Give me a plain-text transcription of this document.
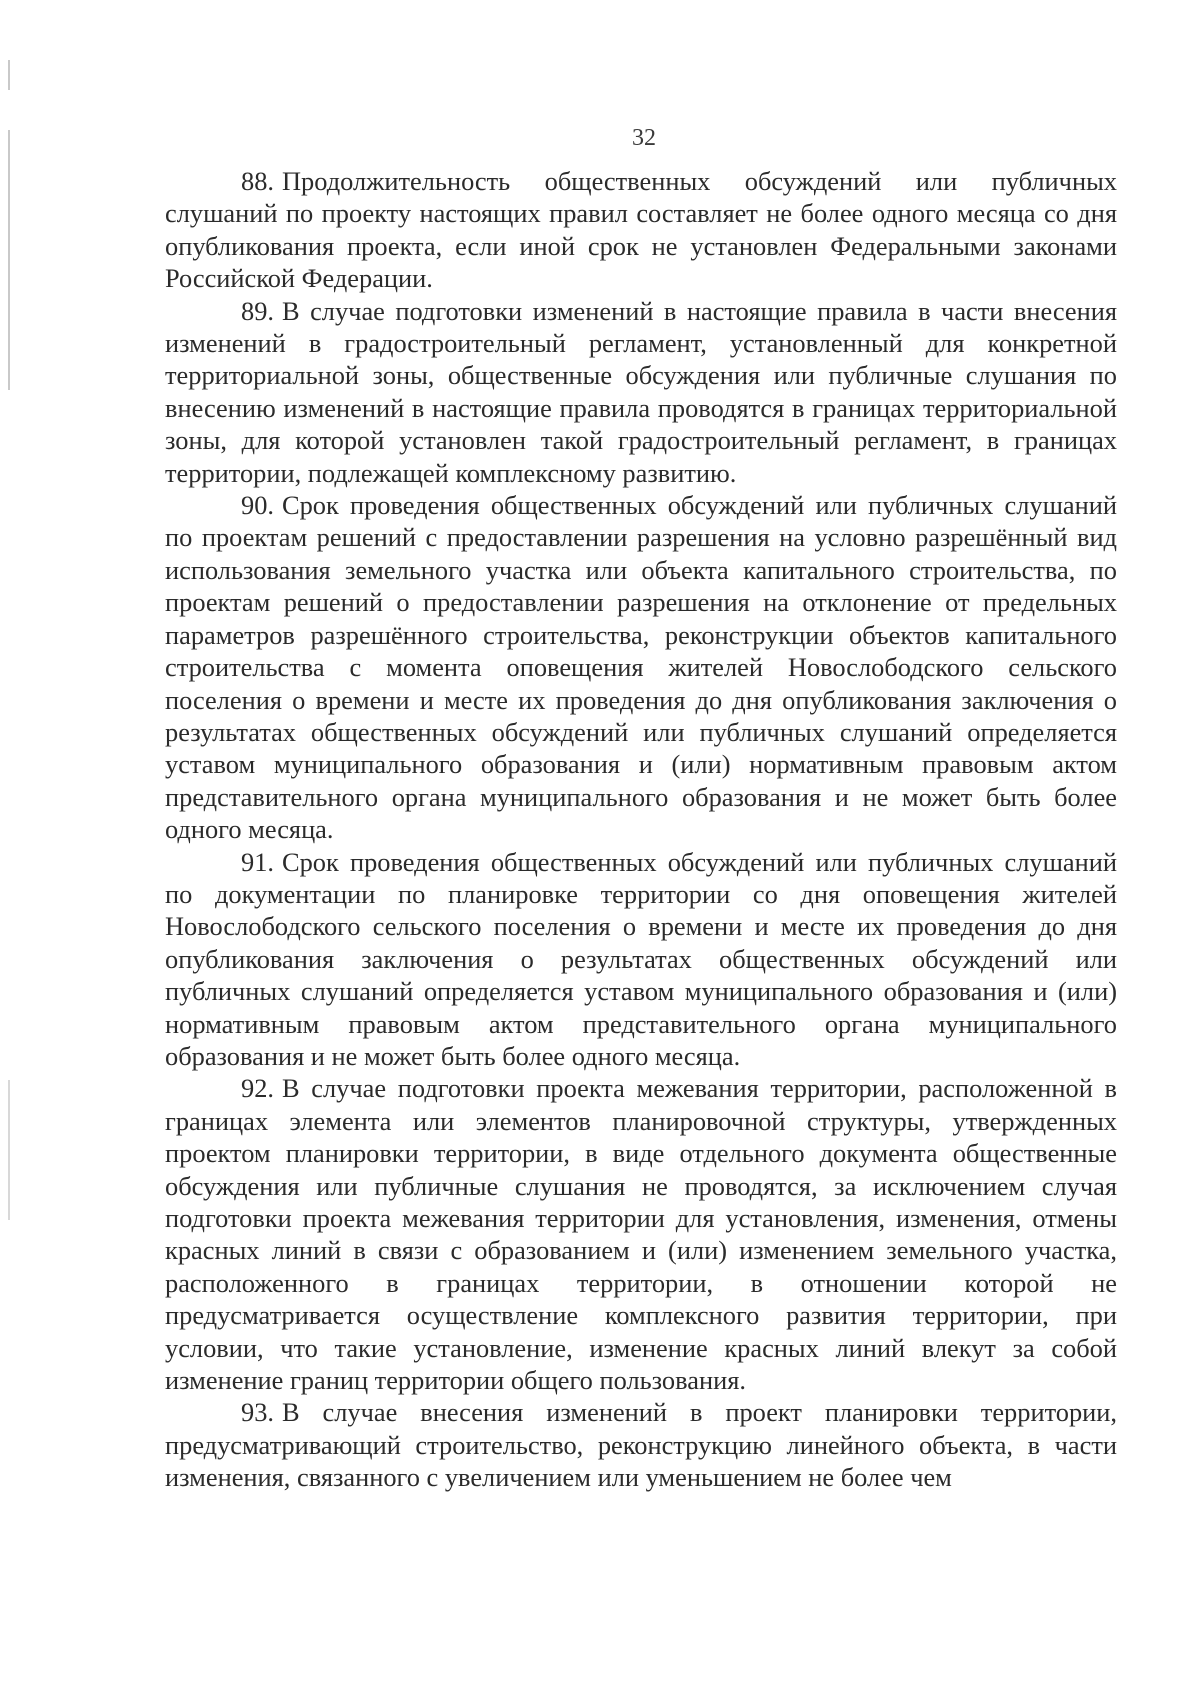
32

88. Продолжительность общественных обсуждений или публичных слушаний по проекту настоящих правил составляет не более одного месяца со дня опубликования проекта, если иной срок не установлен Федеральными законами Российской Федерации.

89. В случае подготовки изменений в настоящие правила в части внесения изменений в градостроительный регламент, установленный для конкретной территориальной зоны, общественные обсуждения или публичные слушания по внесению изменений в настоящие правила проводятся в границах территориальной зоны, для которой установлен такой градостроительный регламент, в границах территории, подлежащей комплексному развитию.

90. Срок проведения общественных обсуждений или публичных слушаний по проектам решений с предоставлении разрешения на условно разрешённый вид использования земельного участка или объекта капитального строительства, по проектам решений о предоставлении разрешения на отклонение от предельных параметров разрешённого строительства, реконструкции объектов капитального строительства с момента оповещения жителей Новослободского сельского поселения о времени и месте их проведения до дня опубликования заключения о результатах общественных обсуждений или публичных слушаний определяется уставом муниципального образования и (или) нормативным правовым актом представительного органа муниципального образования и не может быть более одного месяца.

91. Срок проведения общественных обсуждений или публичных слушаний по документации по планировке территории со дня оповещения жителей Новослободского сельского поселения о времени и месте их проведения до дня опубликования заключения о результатах общественных обсуждений или публичных слушаний определяется уставом муниципального образования и (или) нормативным правовым актом представительного органа муниципального образования и не может быть более одного месяца.

92. В случае подготовки проекта межевания территории, расположенной в границах элемента или элементов планировочной структуры, утвержденных проектом планировки территории, в виде отдельного документа общественные обсуждения или публичные слушания не проводятся, за исключением случая подготовки проекта межевания территории для установления, изменения, отмены красных линий в связи с образованием и (или) изменением земельного участка, расположенного в границах территории, в отношении которой не предусматривается осуществление комплексного развития территории, при условии, что такие установление, изменение красных линий влекут за собой изменение границ территории общего пользования.

93. В случае внесения изменений в проект планировки территории, предусматривающий строительство, реконструкцию линейного объекта, в части изменения, связанного с увеличением или уменьшением не более чем
